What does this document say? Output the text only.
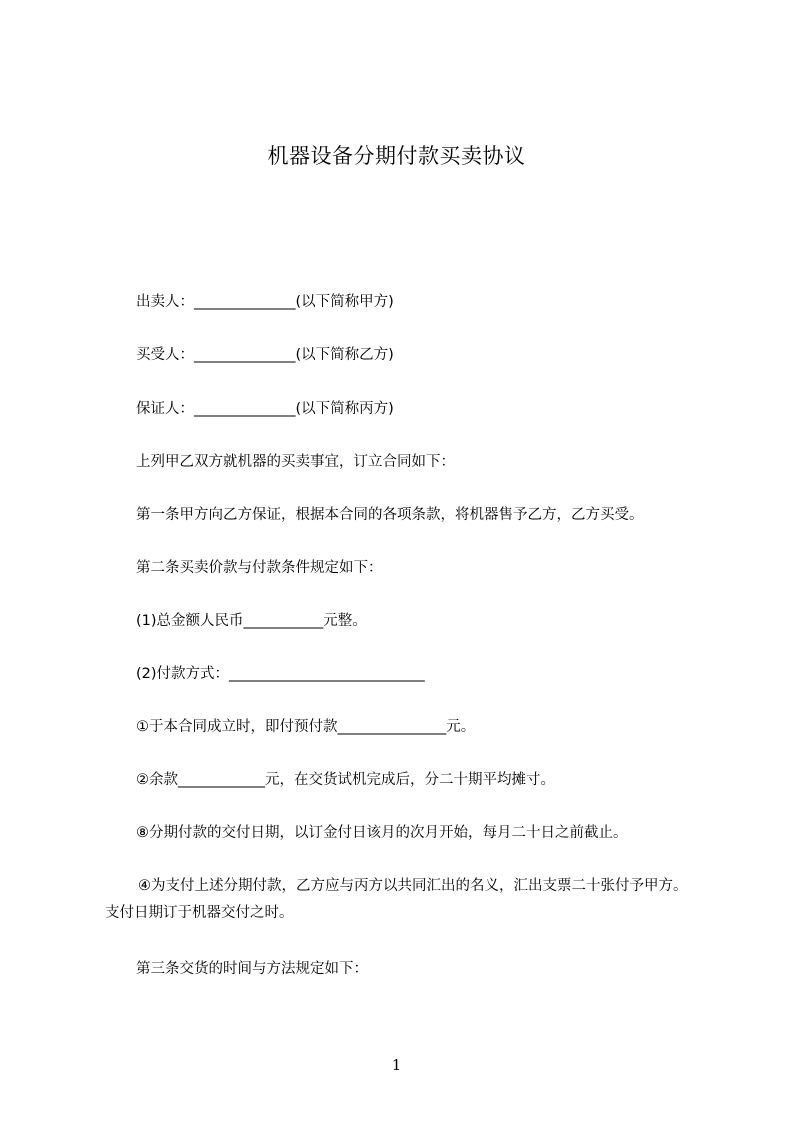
机器设备分期付款买卖协议
出卖人：______________(以下简称甲方)
买受人：______________(以下简称乙方)
保证人：______________(以下简称丙方)
上列甲乙双方就机器的买卖事宜，订立合同如下：
第一条甲方向乙方保证，根据本合同的各项条款，将机器售予乙方，乙方买受。
第二条买卖价款与付款条件规定如下：
(1)总金额人民币___________元整。
(2)付款方式：___________________________
①于本合同成立时，即付预付款_______________元。
②余款____________元，在交货试机完成后，分二十期平均摊寸。
⑧分期付款的交付日期，以订金付日该月的次月开始，每月二十日之前截止。
④为支付上述分期付款，乙方应与丙方以共同汇出的名义，汇出支票二十张付予甲方。支付日期订于机器交付之时。
第三条交货的时间与方法规定如下：
1
